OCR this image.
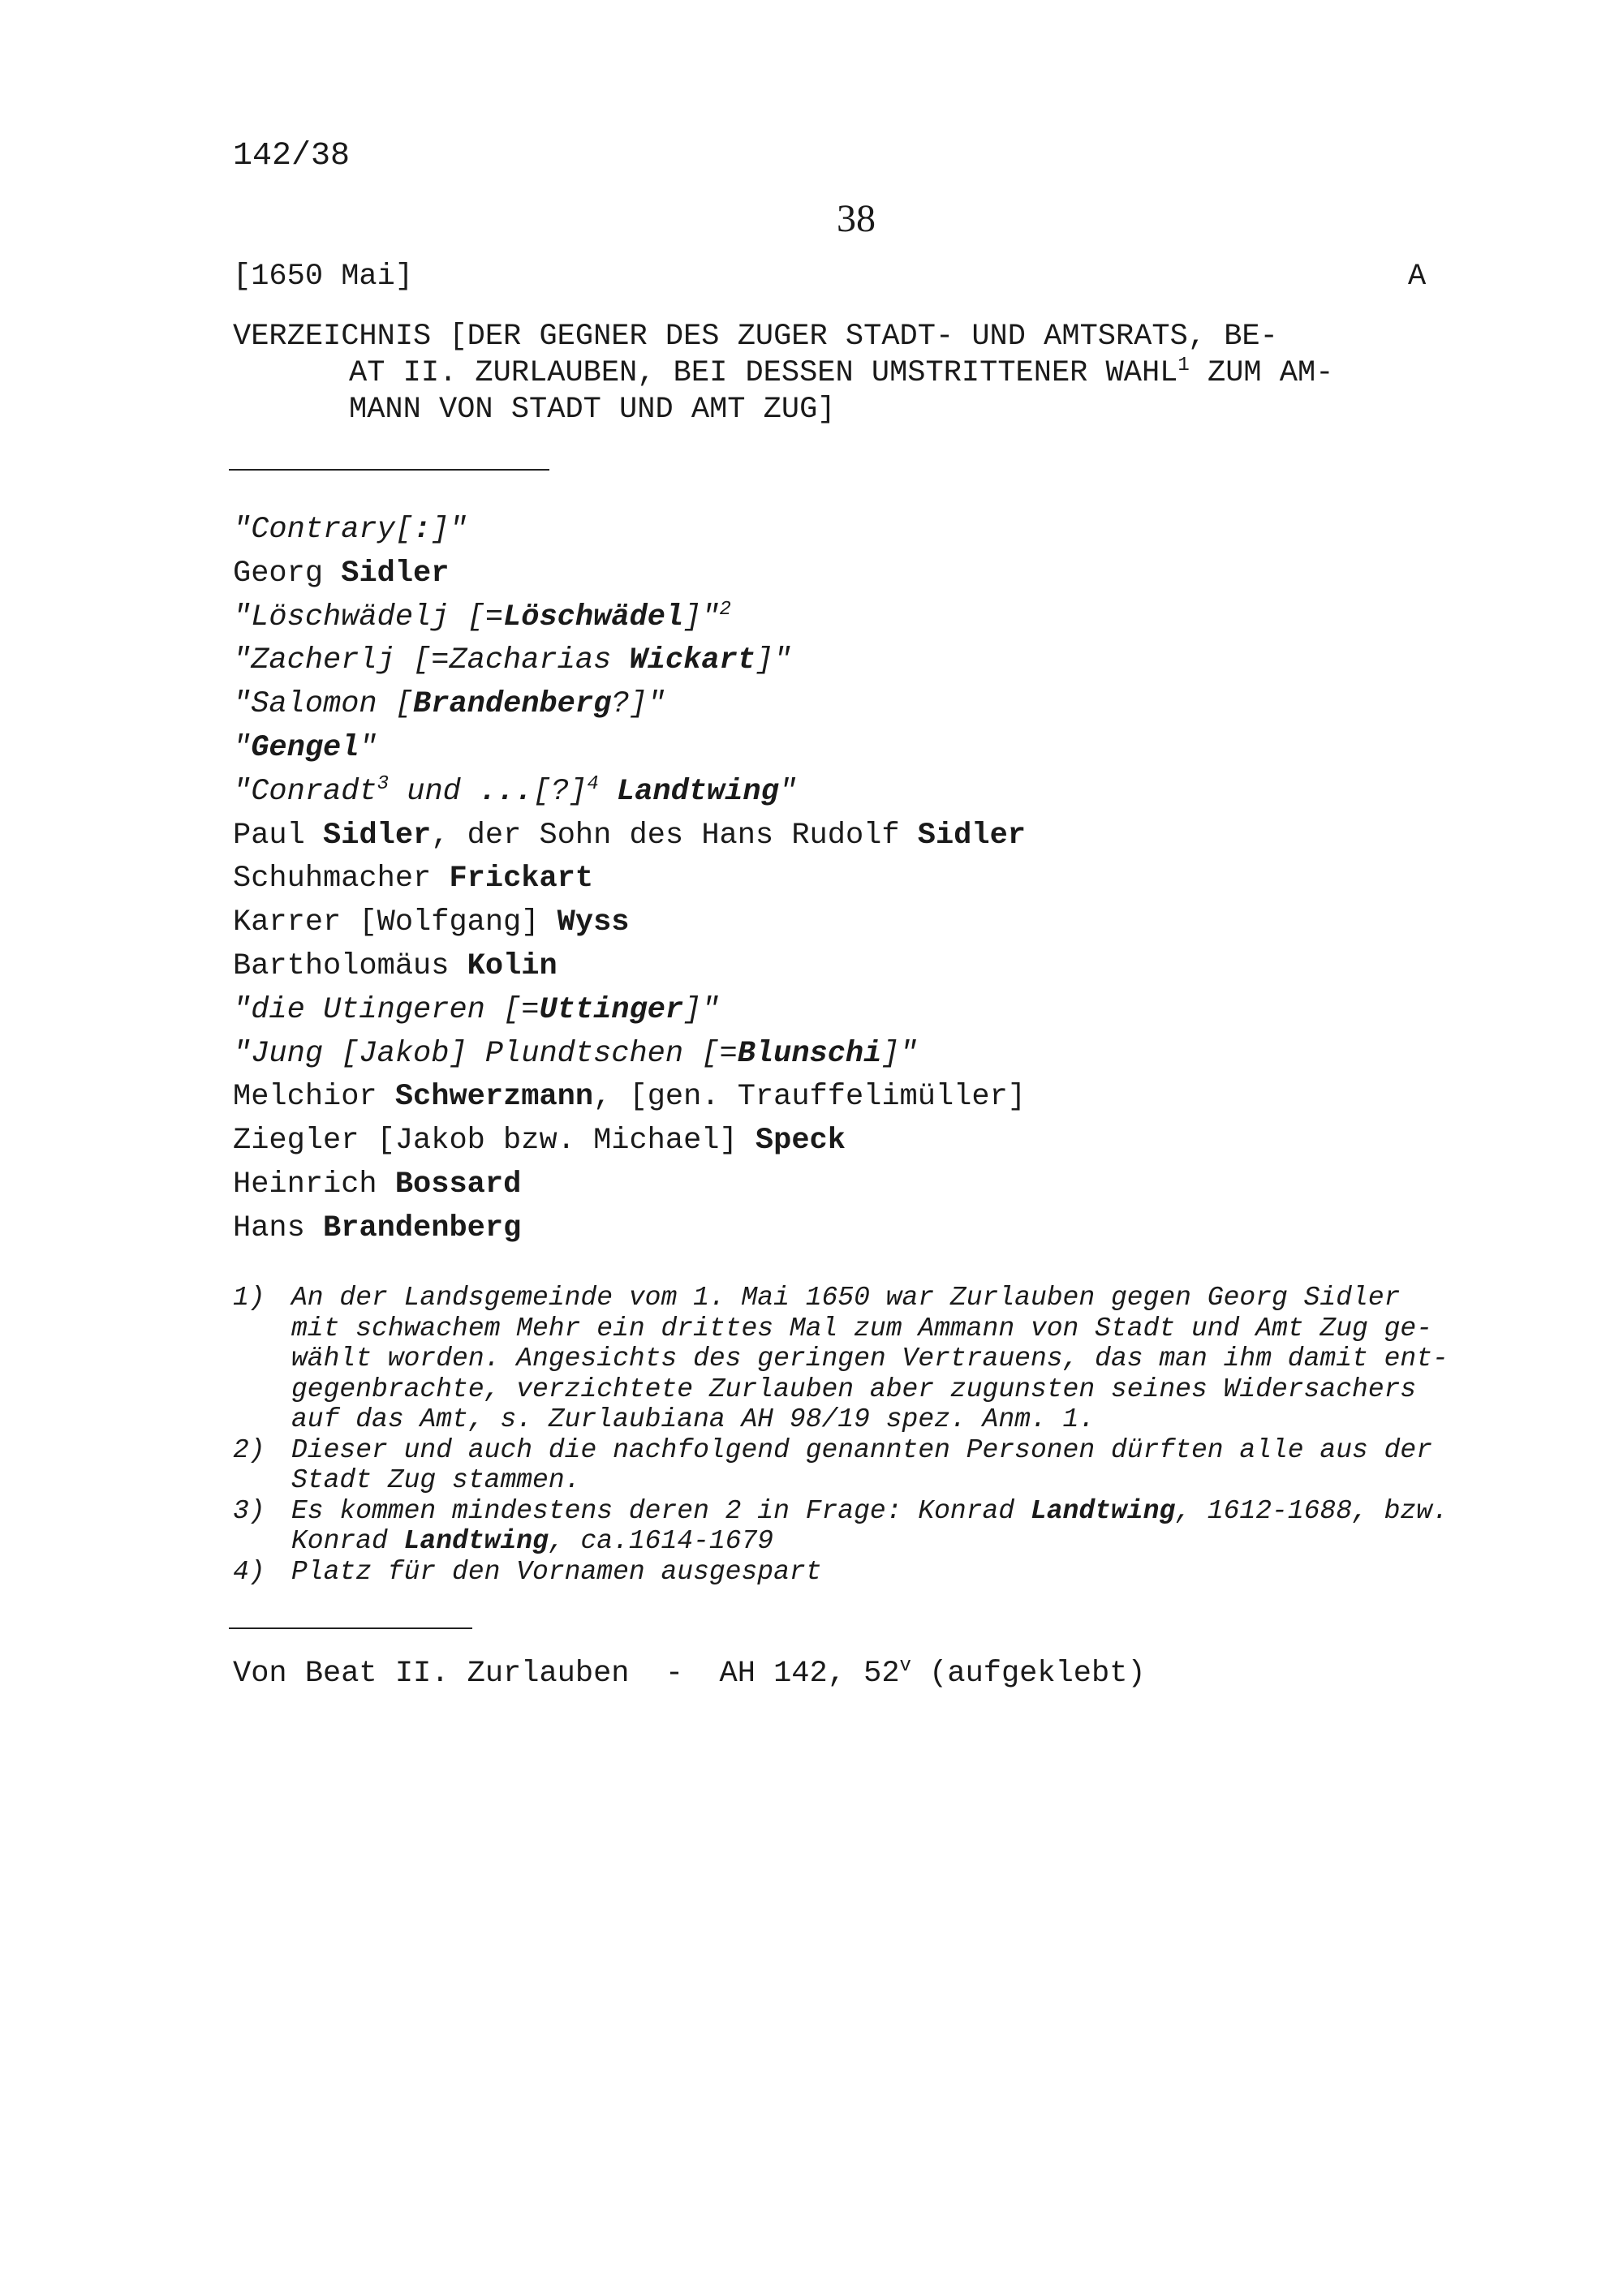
142/38
38
[1650 Mai]	A
VERZEICHNIS [DER GEGNER DES ZUGER STADT- UND AMTSRATS, BE-
AT II. ZURLAUBEN, BEI DESSEN UMSTRITTENER WAHL$^1$ ZUM AM-
MANN VON STADT UND AMT ZUG]
"Contrary[:]"
Georg Sidler
"Löschwädelj [=Löschwädel]"$^2$
"Zacherlj [=Zacharias Wickart]"
"Salomon [Brandenberg?]"
"Gengel"
"Conradt$^3$ und ...[?]$^4$ Landtwing"
Paul Sidler, der Sohn des Hans Rudolf Sidler
Schuhmacher Frickart
Karrer [Wolfgang] Wyss
Bartholomäus Kolin
"die Utingeren [=Uttinger]"
"Jung [Jakob] Plundtschen [=Blunschi]"
Melchior Schwerzmann, [gen. Trauffelimüller]
Ziegler [Jakob bzw. Michael] Speck
Heinrich Bossard
Hans Brandenberg
1) An der Landsgemeinde vom 1. Mai 1650 war Zurlauben gegen Georg Sidler
mit schwachem Mehr ein drittes Mal zum Ammann von Stadt und Amt Zug ge-
wählt worden. Angesichts des geringen Vertrauens, das man ihm damit ent-
gegenbrachte, verzichtete Zurlauben aber zugunsten seines Widersachers
auf das Amt, s. Zurlaubiana AH 98/19 spez. Anm. 1.
2) Dieser und auch die nachfolgend genannten Personen dürften alle aus der
Stadt Zug stammen.
3) Es kommen mindestens deren 2 in Frage: Konrad Landtwing, 1612-1688, bzw.
Konrad Landtwing, ca.1614-1679
4) Platz für den Vornamen ausgespart
Von Beat II. Zurlauben  -  AH 142, 52$^v$ (aufgeklebt)
